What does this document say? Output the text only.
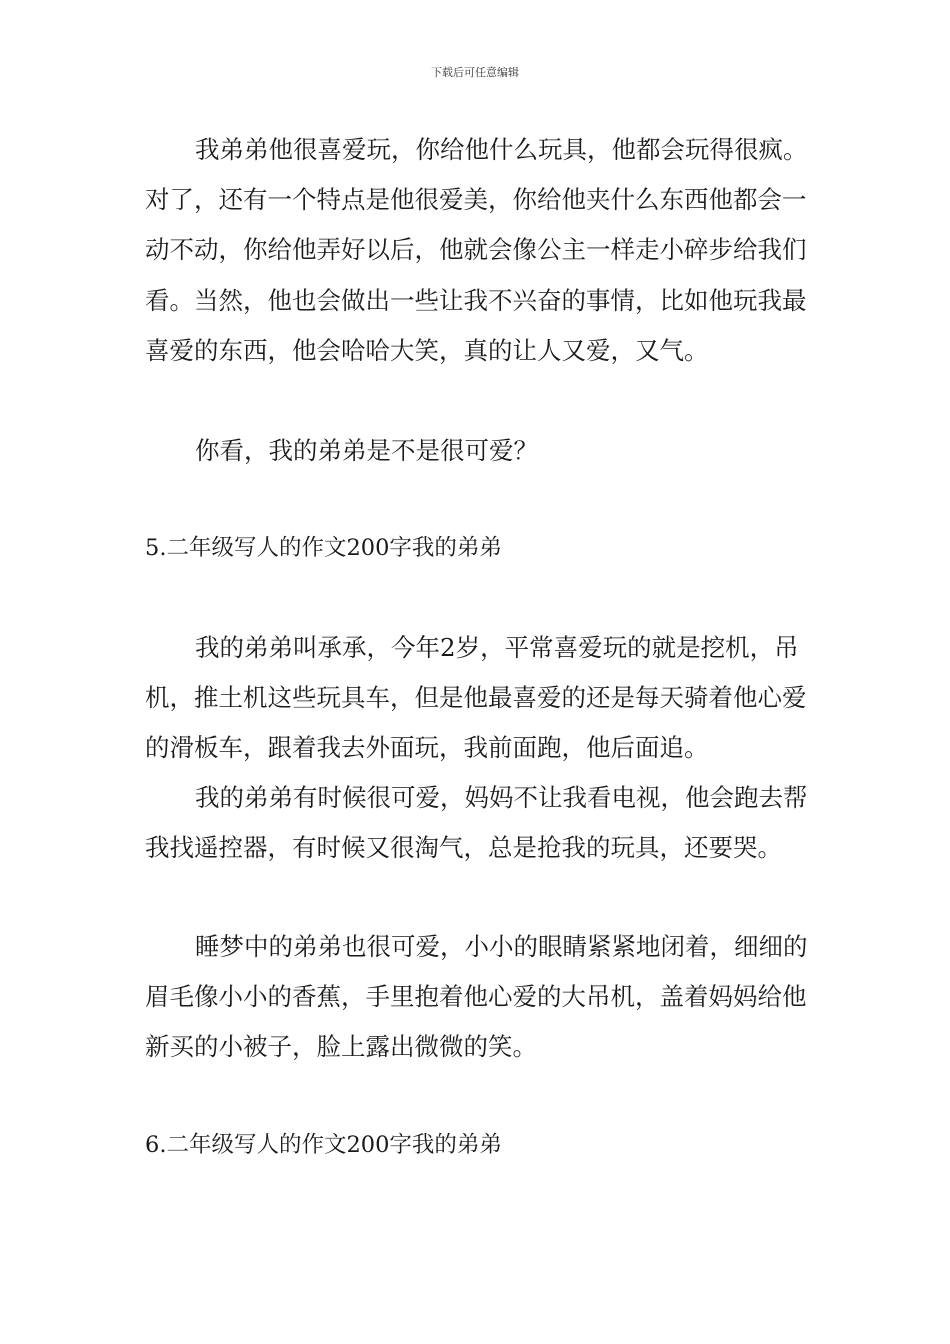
下载后可任意编辑

我弟弟他很喜爱玩，你给他什么玩具，他都会玩得很疯。对了，还有一个特点是他很爱美，你给他夹什么东西他都会一动不动，你给他弄好以后，他就会像公主一样走小碎步给我们看。当然，他也会做出一些让我不兴奋的事情，比如他玩我最喜爱的东西，他会哈哈大笑，真的让人又爱，又气。

你看，我的弟弟是不是很可爱？

5.二年级写人的作文200字我的弟弟

我的弟弟叫承承，今年2岁，平常喜爱玩的就是挖机，吊机，推土机这些玩具车，但是他最喜爱的还是每天骑着他心爱的滑板车，跟着我去外面玩，我前面跑，他后面追。

我的弟弟有时候很可爱，妈妈不让我看电视，他会跑去帮我找遥控器，有时候又很淘气，总是抢我的玩具，还要哭。

睡梦中的弟弟也很可爱，小小的眼睛紧紧地闭着，细细的眉毛像小小的香蕉，手里抱着他心爱的大吊机，盖着妈妈给他新买的小被子，脸上露出微微的笑。

6.二年级写人的作文200字我的弟弟
